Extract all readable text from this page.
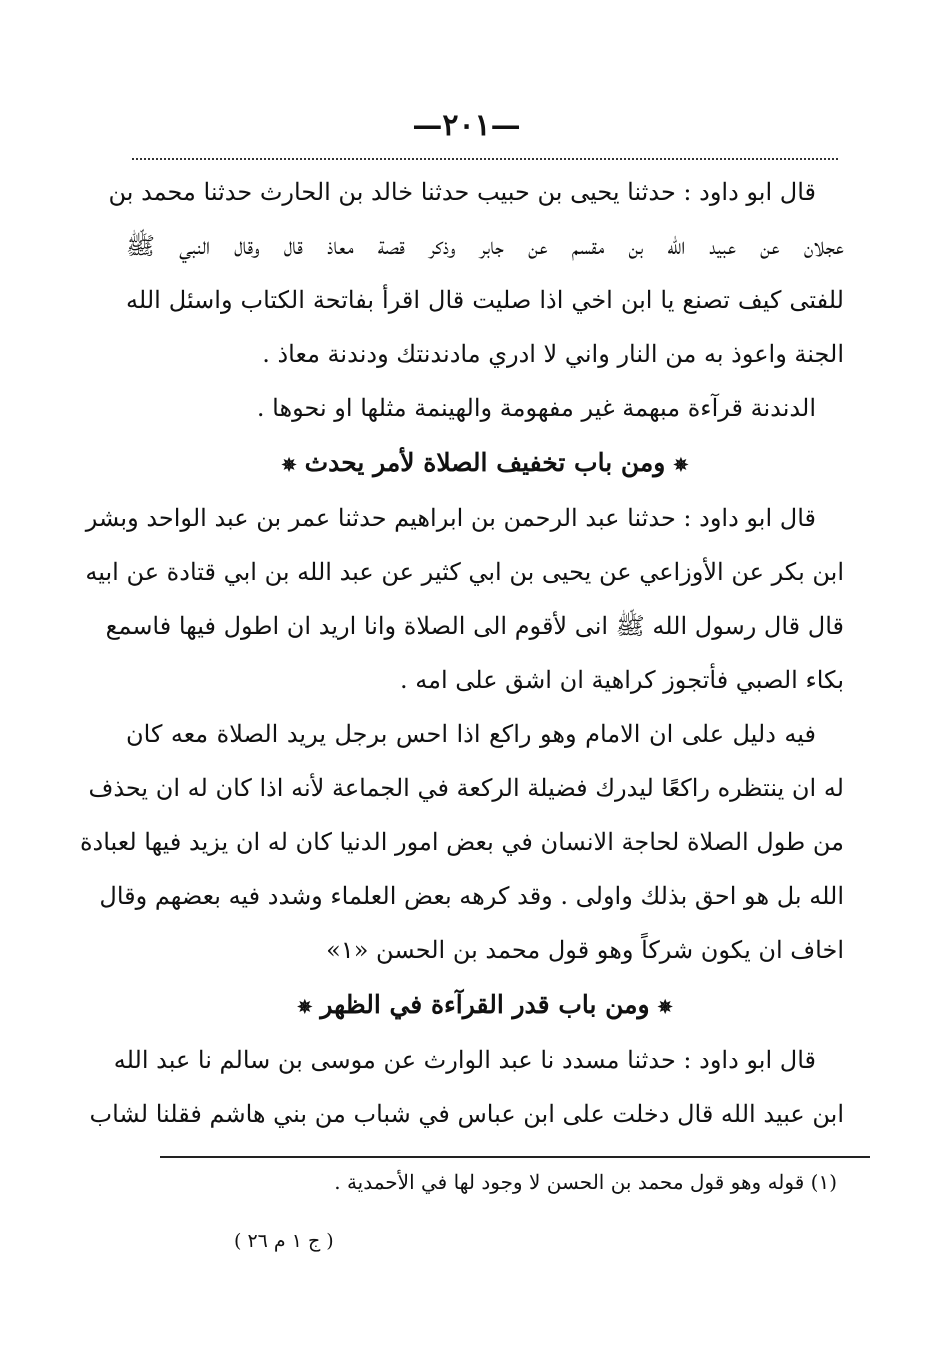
—٢٠١—
قال ابو داود : حدثنا يحيى بن حبيب حدثنا خالد بن الحارث حدثنا محمد بن
عجلان عن عبيد الله بن مقسم عن جابر وذكر قصة معاذ قال وقال النبي ﷺ
للفتى كيف تصنع يا ابن اخي اذا صليت قال اقرأ بفاتحة الكتاب واسئل الله
الجنة واعوذ به من النار واني لا ادري مادندنتك ودندنة معاذ .
الدندنة قرآءة مبهمة غير مفهومة والهينمة مثلها او نحوها .
✵ومن باب تخفيف الصلاة لأمر يحدث✵
قال ابو داود : حدثنا عبد الرحمن بن ابراهيم حدثنا عمر بن عبد الواحد وبشر
ابن بكر عن الأوزاعي عن يحيى بن ابي كثير عن عبد الله بن ابي قتادة عن ابيه
قال قال رسول الله ﷺ انى لأقوم الى الصلاة وانا اريد ان اطول فيها فاسمع
بكاء الصبي فأتجوز كراهية ان اشق على امه .
فيه دليل على ان الامام وهو راكع اذا احس برجل يريد الصلاة معه كان
له ان ينتظره راكعًا ليدرك فضيلة الركعة في الجماعة لأنه اذا كان له ان يحذف
من طول الصلاة لحاجة الانسان في بعض امور الدنيا كان له ان يزيد فيها لعبادة
الله بل هو احق بذلك واولى . وقد كرهه بعض العلماء وشدد فيه بعضهم وقال
اخاف ان يكون شركاً وهو قول محمد بن الحسن «١»
✵ومن باب قدر القرآءة في الظهر✵
قال ابو داود : حدثنا مسدد نا عبد الوارث عن موسى بن سالم نا عبد الله
ابن عبيد الله قال دخلت على ابن عباس في شباب من بني هاشم فقلنا لشاب
(١) قوله وهو قول محمد بن الحسن لا وجود لها في الأحمدية .
( ج ١ م ٢٦ )
